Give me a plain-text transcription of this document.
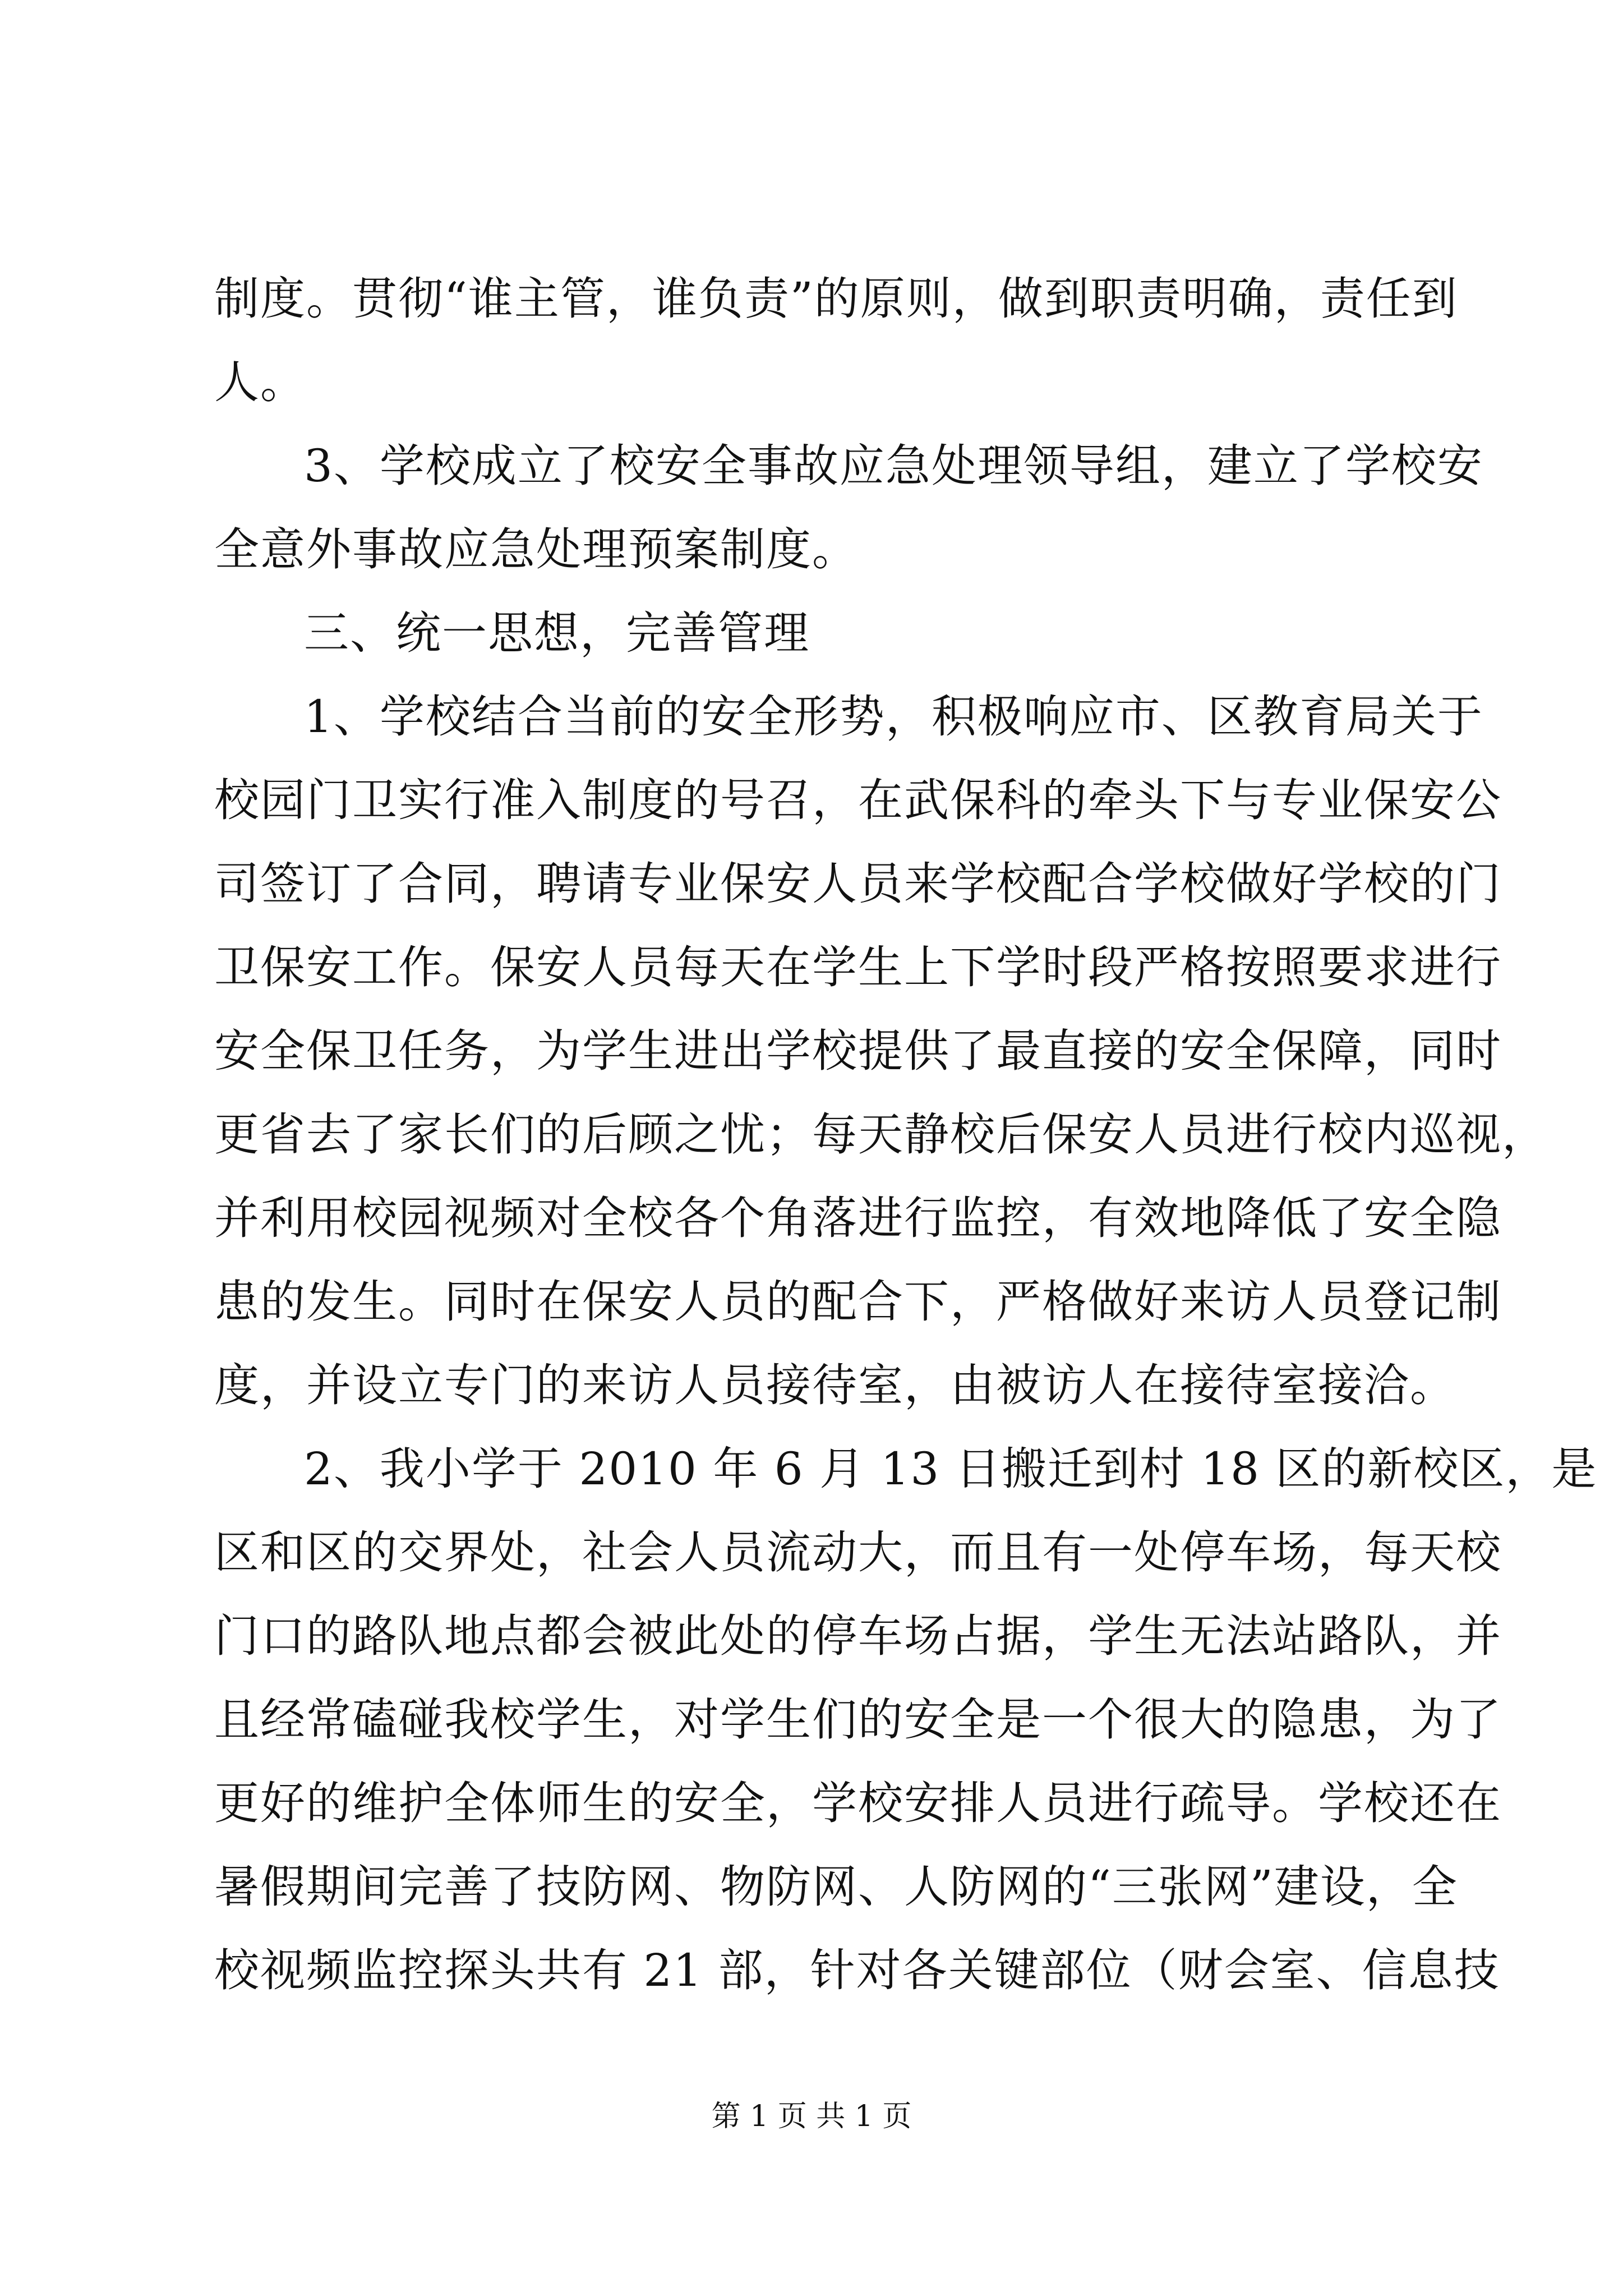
制度。贯彻“谁主管，谁负责”的原则，做到职责明确，责任到
人。
3、学校成立了校安全事故应急处理领导组，建立了学校安
全意外事故应急处理预案制度。
三、统一思想，完善管理
1、学校结合当前的安全形势，积极响应市、区教育局关于
校园门卫实行准入制度的号召，在武保科的牵头下与专业保安公
司签订了合同，聘请专业保安人员来学校配合学校做好学校的门
卫保安工作。保安人员每天在学生上下学时段严格按照要求进行
安全保卫任务，为学生进出学校提供了最直接的安全保障，同时
更省去了家长们的后顾之忧；每天静校后保安人员进行校内巡视，
并利用校园视频对全校各个角落进行监控，有效地降低了安全隐
患的发生。同时在保安人员的配合下，严格做好来访人员登记制
度，并设立专门的来访人员接待室，由被访人在接待室接洽。
2、我小学于 2010 年 6 月 13 日搬迁到村 18 区的新校区，是
区和区的交界处，社会人员流动大，而且有一处停车场，每天校
门口的路队地点都会被此处的停车场占据，学生无法站路队，并
且经常磕碰我校学生，对学生们的安全是一个很大的隐患，为了
更好的维护全体师生的安全，学校安排人员进行疏导。学校还在
暑假期间完善了技防网、物防网、人防网的“三张网”建设，全
校视频监控探头共有 21 部，针对各关键部位（财会室、信息技
第 1 页 共 1 页
